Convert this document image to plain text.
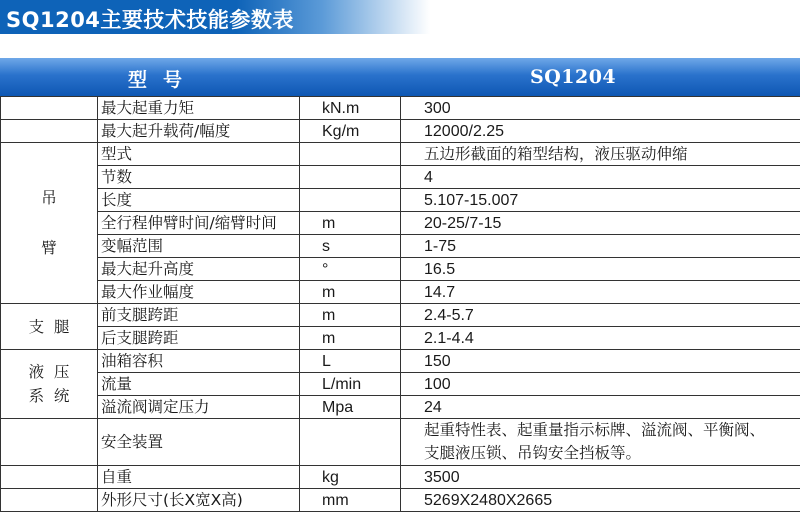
SQ1204主要技术技能参数表
型号	SQ1204
	最大起重力矩	kN.m	300
	最大起升载荷/幅度	Kg/m	12000/2.25

吊
臂	型式		五边形截面的箱型结构，液压驱动伸缩
	节数		4
	长度		5.107-15.007
	全行程伸臂时间/缩臂时间	m	20-25/7-15
	变幅范围	s	1-75
	最大起升高度	°	16.5
	最大作业幅度	m	14.7

支  腿	前支腿跨距	m	2.4-5.7
	后支腿跨距	m	2.1-4.4

液  压
系  统	油箱容积	L	150
	流量	L/min	100
	溢流阀调定压力	Mpa	24
	安全装置		起重特性表、起重量指示标牌、溢流阀、平衡阀、
支腿液压锁、吊钩安全挡板等。

	自重	kg	3500
	外形尺寸(长X宽X高)	mm	5269X2480X2665
